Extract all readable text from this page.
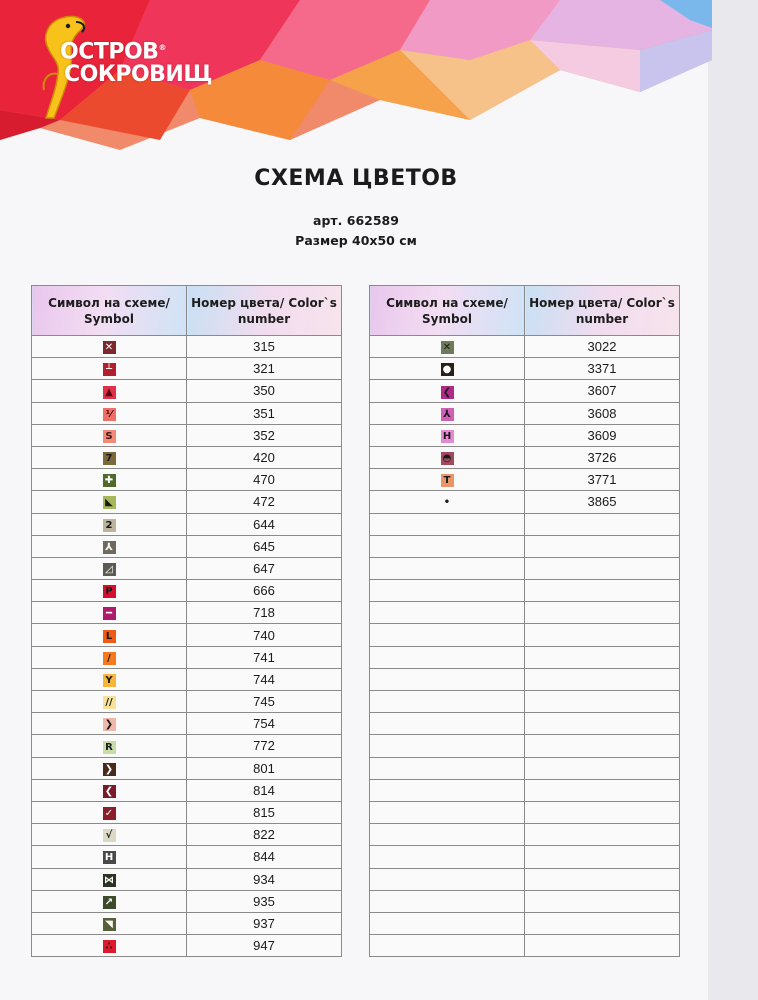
ОСТРОВ®
СОКРОВИЩ
СХЕМА ЦВЕТОВ
арт. 662589
Размер 40х50 см
Символ на схеме/ Symbol	Номер цвета/ Color`s number
✕	315
┴	321
▲	350
⅟	351
S	352
7	420
✚	470
◣	472
2	644
⅄	645
◿	647
P	666
━	718
L	740
/	741
Y	744
//	745
❯	754
R	772
❯	801
❮	814
✓	815
√	822
H	844
⋈	934
↗	935
◥	937
∴	947
Символ на схеме/ Symbol	Номер цвета/ Color`s number
✕	3022
●	3371
❮	3607
⅄	3608
H	3609
◓	3726
T	3771
•	3865
